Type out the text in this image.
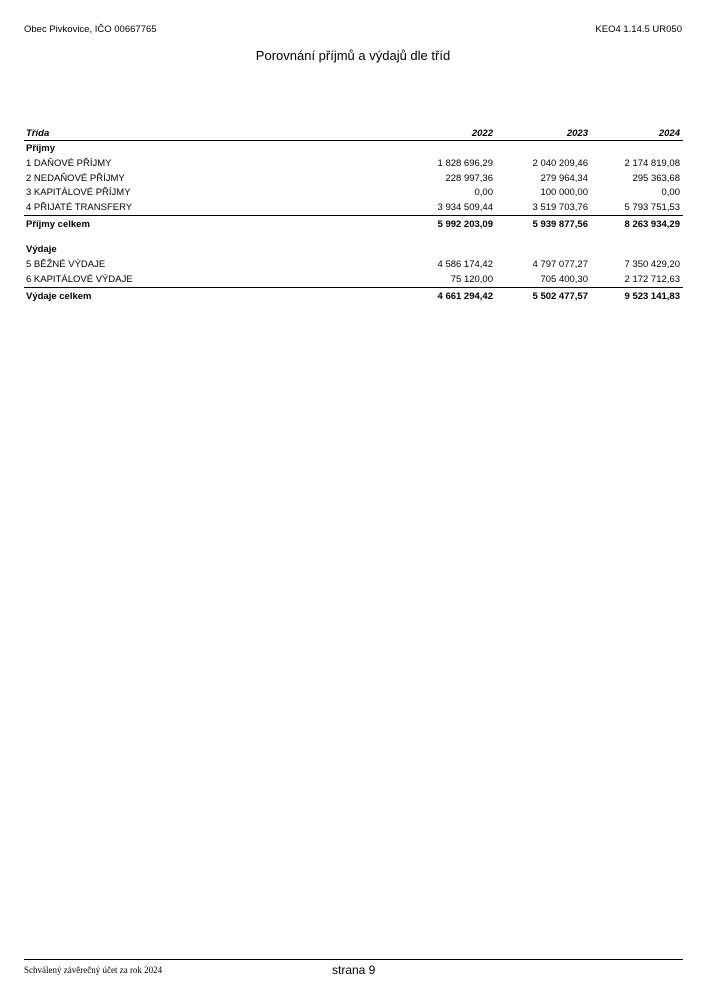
Obec Pivkovice, IČO 00667765	KEO4 1.14.5 UR050
Porovnání příjmů a výdajů dle tříd
Třída	2022	2023	2024
Příjmy
1 DAŇOVÉ PŘÍJMY	1 828 696,29	2 040 209,46	2 174 819,08
2 NEDAŇOVÉ PŘÍJMY	228 997,36	279 964,34	295 363,68
3 KAPITÁLOVÉ PŘÍJMY	0,00	100 000,00	0,00
4 PŘIJATÉ TRANSFERY	3 934 509,44	3 519 703,76	5 793 751,53
Příjmy celkem	5 992 203,09	5 939 877,56	8 263 934,29
Výdaje
5 BĚŽNÉ VÝDAJE	4 586 174,42	4 797 077,27	7 350 429,20
6 KAPITÁLOVÉ VÝDAJE	75 120,00	705 400,30	2 172 712,63
Výdaje celkem	4 661 294,42	5 502 477,57	9 523 141,83
Schválený závěrečný účet za rok 2024	strana 9
